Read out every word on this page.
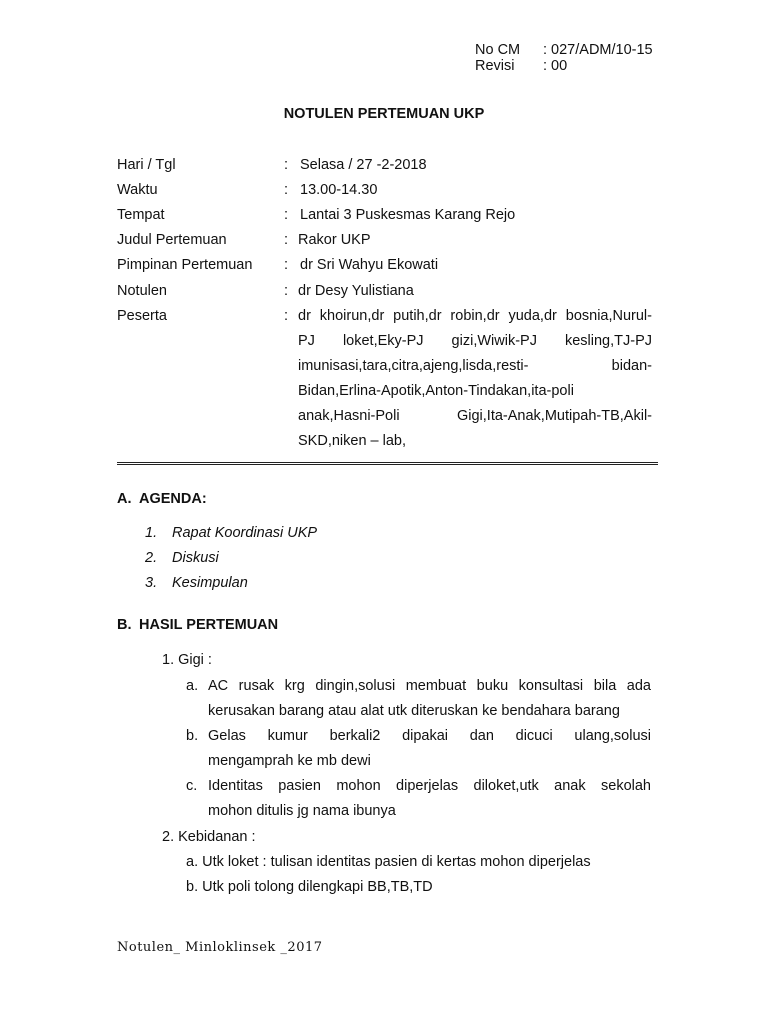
No CM : 027/ADM/10-15
Revisi : 00
NOTULEN PERTEMUAN UKP
Hari / Tgl	: Selasa / 27 -2-2018
Waktu	: 13.00-14.30
Tempat	: Lantai 3 Puskesmas Karang Rejo
Judul Pertemuan	: Rakor UKP
Pimpinan Pertemuan : dr Sri Wahyu Ekowati
Notulen	: dr Desy Yulistiana
Peserta	: dr khoirun,dr putih,dr robin,dr yuda,dr bosnia,Nurul-
PJ loket,Eky-PJ gizi,Wiwik-PJ kesling,TJ-PJ
imunisasi,tara,citra,ajeng,lisda,resti- bidan-
Bidan,Erlina-Apotik,Anton-Tindakan,ita-poli
anak,Hasni-Poli Gigi,Ita-Anak,Mutipah-TB,Akil-
SKD,niken – lab,
A. AGENDA:
1. Rapat Koordinasi UKP
2. Diskusi
3. Kesimpulan
B. HASIL PERTEMUAN
1. Gigi :
a. AC rusak krg dingin,solusi membuat buku konsultasi bila ada
kerusakan barang atau alat utk diteruskan ke bendahara barang
b. Gelas kumur berkali2 dipakai dan dicuci ulang,solusi
mengamprah ke mb dewi
c. Identitas pasien mohon diperjelas diloket,utk anak sekolah
mohon ditulis jg nama ibunya
2. Kebidanan :
a. Utk loket : tulisan identitas pasien di kertas mohon diperjelas
b. Utk poli tolong dilengkapi BB,TB,TD
Notulen_ Minloklinsek _2017
